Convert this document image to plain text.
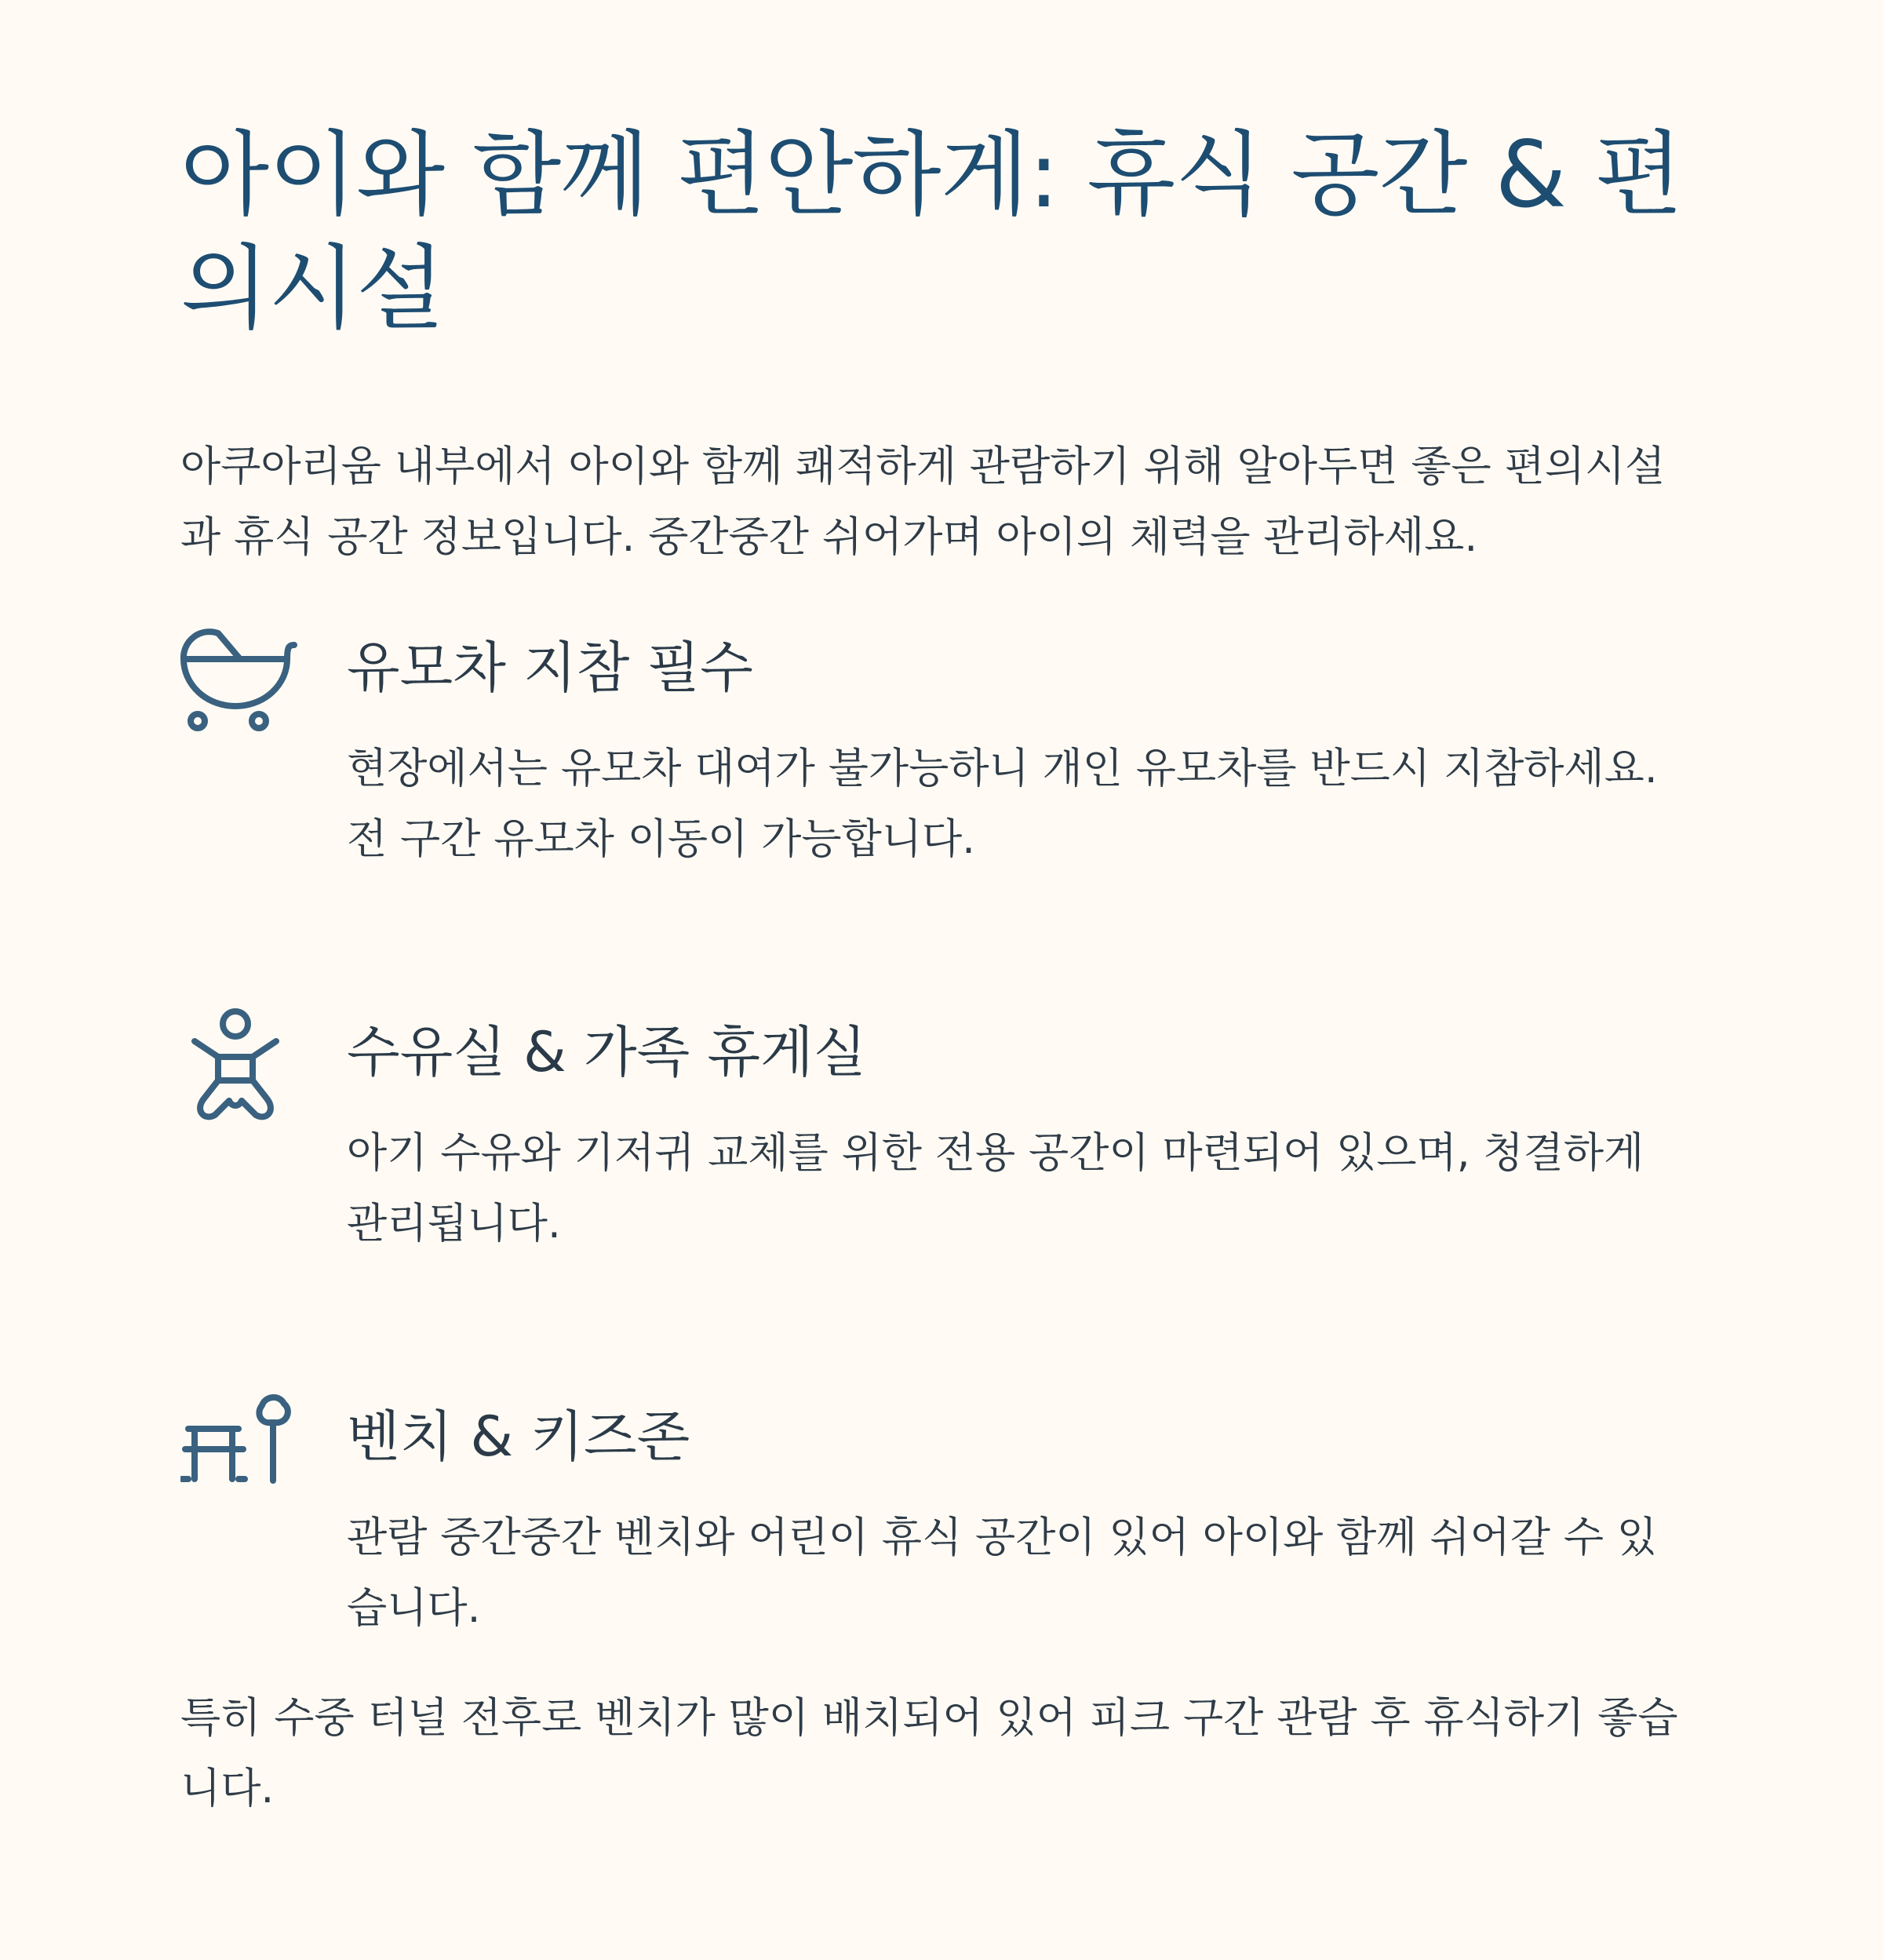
아이와 함께 편안하게: 휴식 공간 & 편의시설

아쿠아리움 내부에서 아이와 함께 쾌적하게 관람하기 위해 알아두면 좋은 편의시설과 휴식 공간 정보입니다. 중간중간 쉬어가며 아이의 체력을 관리하세요.

유모차 지참 필수

현장에서는 유모차 대여가 불가능하니 개인 유모차를 반드시 지참하세요. 전 구간 유모차 이동이 가능합니다.

수유실 & 가족 휴게실

아기 수유와 기저귀 교체를 위한 전용 공간이 마련되어 있으며, 청결하게 관리됩니다.

벤치 & 키즈존

관람 중간중간 벤치와 어린이 휴식 공간이 있어 아이와 함께 쉬어갈 수 있습니다.

특히 수중 터널 전후로 벤치가 많이 배치되어 있어 피크 구간 관람 후 휴식하기 좋습니다.
